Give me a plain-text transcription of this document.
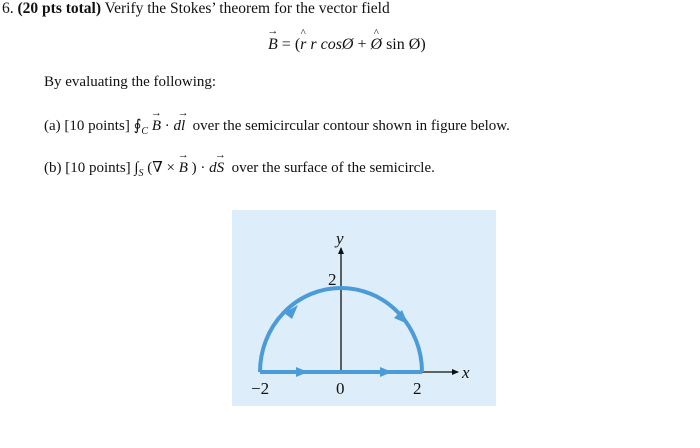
6. (20 pts total) Verify the Stokes’ theorem for the vector field
→ B = (^ r r cosØ + ^ Ø sin Ø)
By evaluating the following:
(a) [10 points] $∮_C \to B \cdot d\to l$ over the semicircular contour shown in figure below.
(b) [10 points] $\int_S$ (∇ × → B ) · d→ S over the surface of the semicircle.
y
x
2
−2	0	2
